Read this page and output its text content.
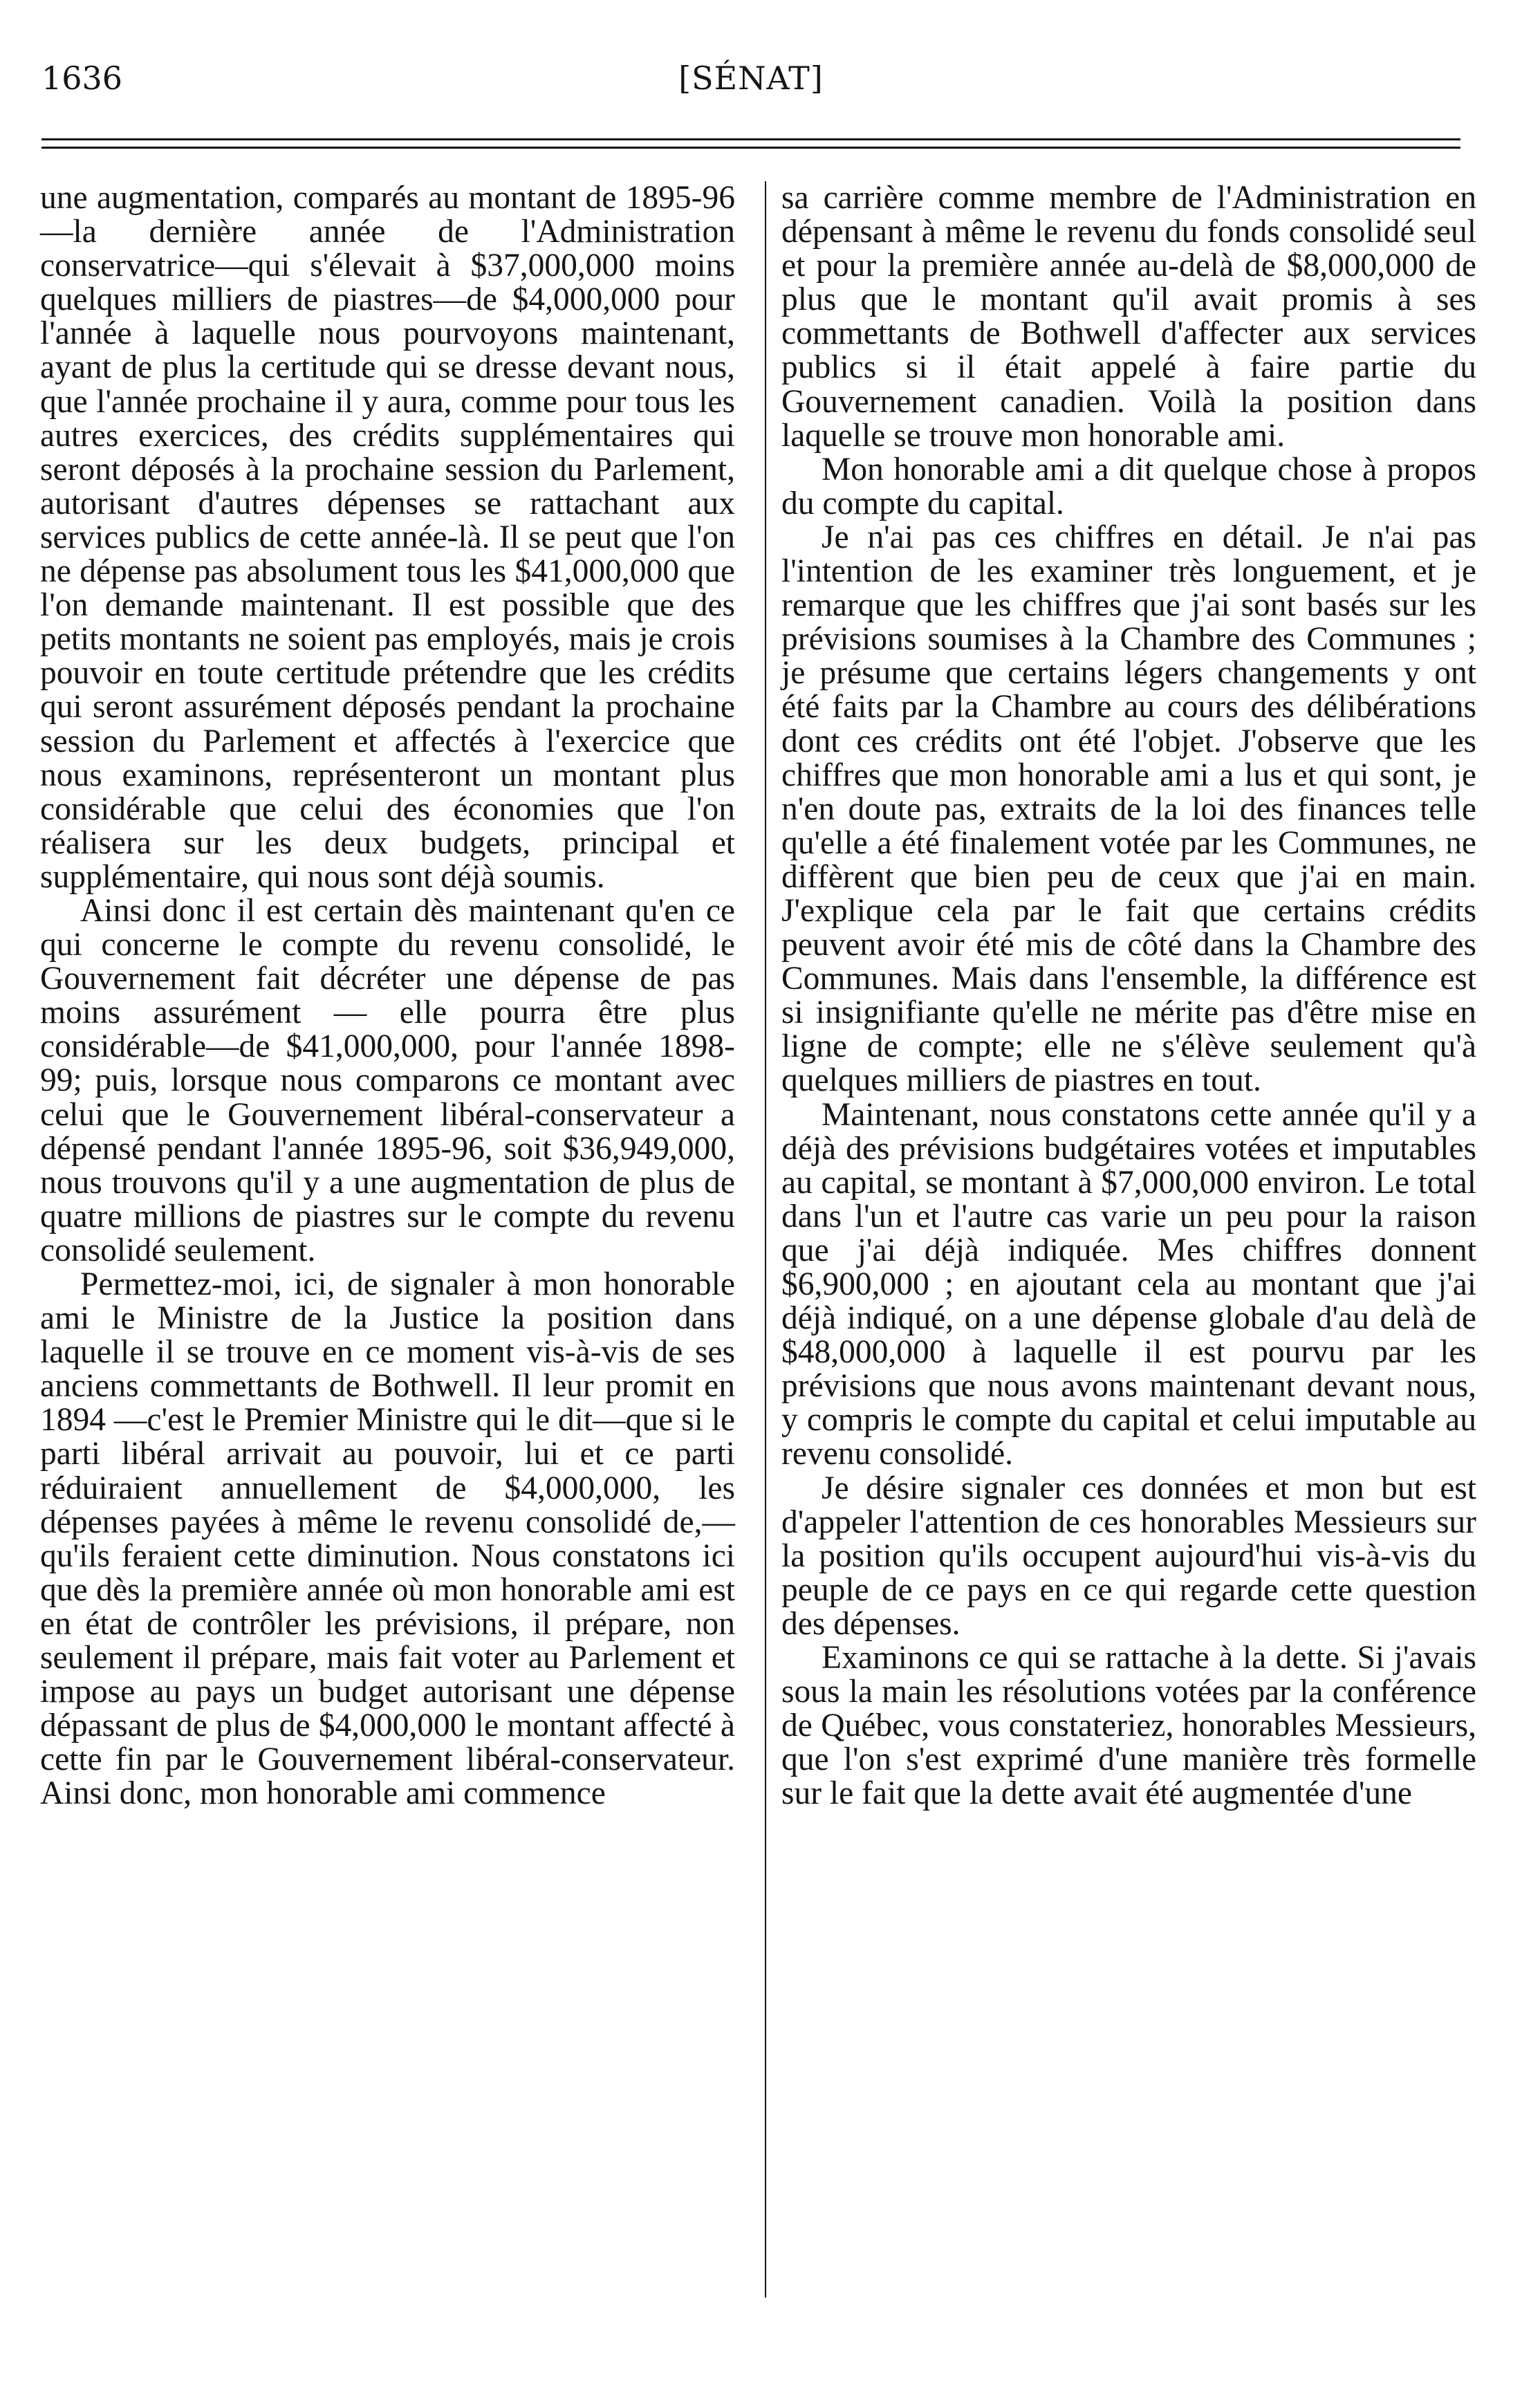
1636	[SÉNAT]

une augmentation, comparés au montant de 1895-96—la dernière année de l'Administration conservatrice—qui s'élevait à $37,000,000 moins quelques milliers de piastres—de $4,000,000 pour l'année à laquelle nous pourvoyons maintenant, ayant de plus la certitude qui se dresse devant nous, que l'année prochaine il y aura, comme pour tous les autres exercices, des crédits supplémentaires qui seront déposés à la prochaine session du Parlement, autorisant d'autres dépenses se rattachant aux services publics de cette année-là. Il se peut que l'on ne dépense pas absolument tous les $41,000,000 que l'on demande maintenant. Il est possible que des petits montants ne soient pas employés, mais je crois pouvoir en toute certitude prétendre que les crédits qui seront assurément déposés pendant la prochaine session du Parlement et affectés à l'exercice que nous examinons, représenteront un montant plus considérable que celui des économies que l'on réalisera sur les deux budgets, principal et supplémentaire, qui nous sont déjà soumis.

Ainsi donc il est certain dès maintenant qu'en ce qui concerne le compte du revenu consolidé, le Gouvernement fait décréter une dépense de pas moins assurément — elle pourra être plus considérable—de $41,000,000, pour l'année 1898-99; puis, lorsque nous comparons ce montant avec celui que le Gouvernement libéral-conservateur a dépensé pendant l'année 1895-96, soit $36,949,000, nous trouvons qu'il y a une augmentation de plus de quatre millions de piastres sur le compte du revenu consolidé seulement.

Permettez-moi, ici, de signaler à mon honorable ami le Ministre de la Justice la position dans laquelle il se trouve en ce moment vis-à-vis de ses anciens commettants de Bothwell. Il leur promit en 1894 —c'est le Premier Ministre qui le dit—que si le parti libéral arrivait au pouvoir, lui et ce parti réduiraient annuellement de $4,000,000, les dépenses payées à même le revenu consolidé de,—qu'ils feraient cette diminution. Nous constatons ici que dès la première année où mon honorable ami est en état de contrôler les prévisions, il prépare, non seulement il prépare, mais fait voter au Parlement et impose au pays un budget autorisant une dépense dépassant de plus de $4,000,000 le montant affecté à cette fin par le Gouvernement libéral-conservateur. Ainsi donc, mon honorable ami commence

sa carrière comme membre de l'Administration en dépensant à même le revenu du fonds consolidé seul et pour la première année au-delà de $8,000,000 de plus que le montant qu'il avait promis à ses commettants de Bothwell d'affecter aux services publics si il était appelé à faire partie du Gouvernement canadien. Voilà la position dans laquelle se trouve mon honorable ami.

Mon honorable ami a dit quelque chose à propos du compte du capital.

Je n'ai pas ces chiffres en détail. Je n'ai pas l'intention de les examiner très longuement, et je remarque que les chiffres que j'ai sont basés sur les prévisions soumises à la Chambre des Communes ; je présume que certains légers changements y ont été faits par la Chambre au cours des délibérations dont ces crédits ont été l'objet. J'observe que les chiffres que mon honorable ami a lus et qui sont, je n'en doute pas, extraits de la loi des finances telle qu'elle a été finalement votée par les Communes, ne diffèrent que bien peu de ceux que j'ai en main. J'explique cela par le fait que certains crédits peuvent avoir été mis de côté dans la Chambre des Communes. Mais dans l'ensemble, la différence est si insignifiante qu'elle ne mérite pas d'être mise en ligne de compte; elle ne s'élève seulement qu'à quelques milliers de piastres en tout.

Maintenant, nous constatons cette année qu'il y a déjà des prévisions budgétaires votées et imputables au capital, se montant à $7,000,000 environ. Le total dans l'un et l'autre cas varie un peu pour la raison que j'ai déjà indiquée. Mes chiffres donnent $6,900,000 ; en ajoutant cela au montant que j'ai déjà indiqué, on a une dépense globale d'au delà de $48,000,000 à laquelle il est pourvu par les prévisions que nous avons maintenant devant nous, y compris le compte du capital et celui imputable au revenu consolidé.

Je désire signaler ces données et mon but est d'appeler l'attention de ces honorables Messieurs sur la position qu'ils occupent aujourd'hui vis-à-vis du peuple de ce pays en ce qui regarde cette question des dépenses.

Examinons ce qui se rattache à la dette. Si j'avais sous la main les résolutions votées par la conférence de Québec, vous constateriez, honorables Messieurs, que l'on s'est exprimé d'une manière très formelle sur le fait que la dette avait été augmentée d'une
